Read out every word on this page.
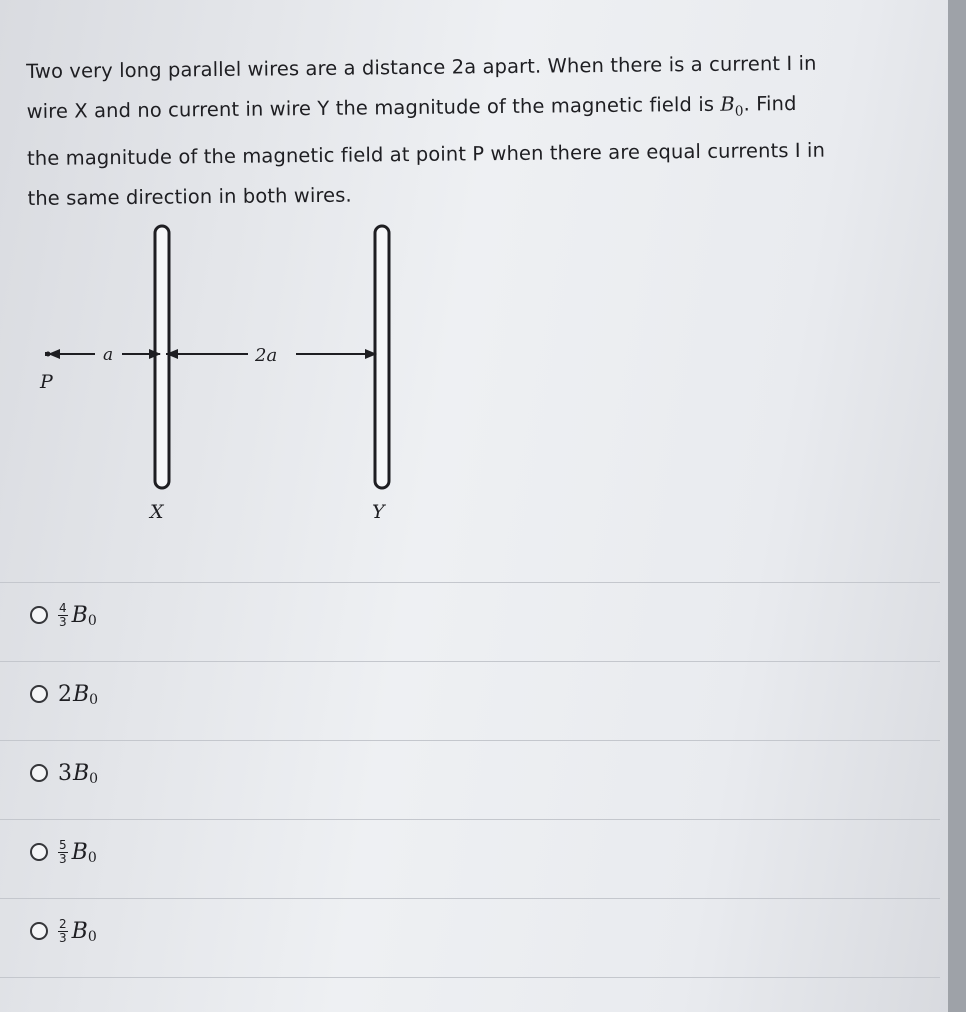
Two very long parallel wires are a distance 2a apart. When there is a current I in
wire X and no current in wire Y the magnitude of the magnetic field is $B_0$. Find
the magnitude of the magnetic field at point P when there are equal currents I in
the same direction in both wires.
a	2a
P
X	Y
$\frac{4}{3}$ B 0
2 B 0
3 B 0
$\frac{5}{3}$ B 0
$\frac{2}{3}$ B 0
